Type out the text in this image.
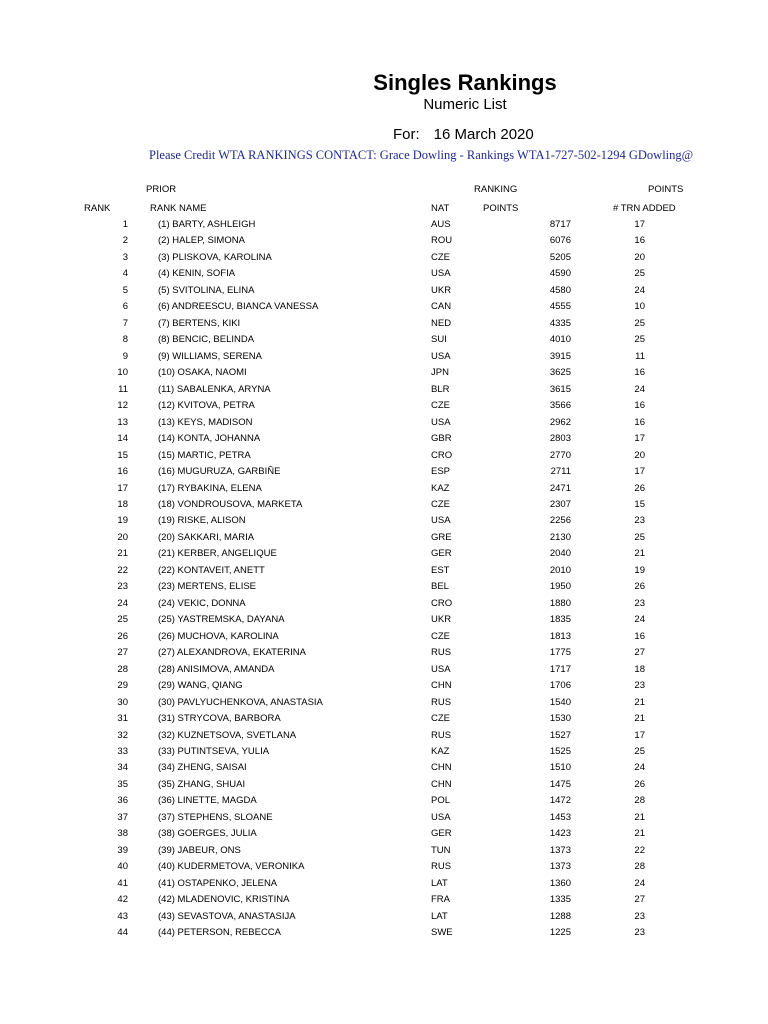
Singles Rankings
Numeric List
For: 16 March 2020
Please Credit WTA RANKINGS CONTACT: Grace Dowling - Rankings WTA1-727-502-1294 GDowling@
PRIOR	RANKING	POINTS
RANK	RANK NAME	NAT	POINTS	# TRN ADDED
1	(1) BARTY, ASHLEIGH	AUS	8717	17
2	(2) HALEP, SIMONA	ROU	6076	16
3	(3) PLISKOVA, KAROLINA	CZE	5205	20
4	(4) KENIN, SOFIA	USA	4590	25
5	(5) SVITOLINA, ELINA	UKR	4580	24
6	(6) ANDREESCU, BIANCA VANESSA	CAN	4555	10
7	(7) BERTENS, KIKI	NED	4335	25
8	(8) BENCIC, BELINDA	SUI	4010	25
9	(9) WILLIAMS, SERENA	USA	3915	11
10	(10) OSAKA, NAOMI	JPN	3625	16
11	(11) SABALENKA, ARYNA	BLR	3615	24
12	(12) KVITOVA, PETRA	CZE	3566	16
13	(13) KEYS, MADISON	USA	2962	16
14	(14) KONTA, JOHANNA	GBR	2803	17
15	(15) MARTIC, PETRA	CRO	2770	20
16	(16) MUGURUZA, GARBIÑE	ESP	2711	17
17	(17) RYBAKINA, ELENA	KAZ	2471	26
18	(18) VONDROUSOVA, MARKETA	CZE	2307	15
19	(19) RISKE, ALISON	USA	2256	23
20	(20) SAKKARI, MARIA	GRE	2130	25
21	(21) KERBER, ANGELIQUE	GER	2040	21
22	(22) KONTAVEIT, ANETT	EST	2010	19
23	(23) MERTENS, ELISE	BEL	1950	26
24	(24) VEKIC, DONNA	CRO	1880	23
25	(25) YASTREMSKA, DAYANA	UKR	1835	24
26	(26) MUCHOVA, KAROLINA	CZE	1813	16
27	(27) ALEXANDROVA, EKATERINA	RUS	1775	27
28	(28) ANISIMOVA, AMANDA	USA	1717	18
29	(29) WANG, QIANG	CHN	1706	23
30	(30) PAVLYUCHENKOVA, ANASTASIA	RUS	1540	21
31	(31) STRYCOVA, BARBORA	CZE	1530	21
32	(32) KUZNETSOVA, SVETLANA	RUS	1527	17
33	(33) PUTINTSEVA, YULIA	KAZ	1525	25
34	(34) ZHENG, SAISAI	CHN	1510	24
35	(35) ZHANG, SHUAI	CHN	1475	26
36	(36) LINETTE, MAGDA	POL	1472	28
37	(37) STEPHENS, SLOANE	USA	1453	21
38	(38) GOERGES, JULIA	GER	1423	21
39	(39) JABEUR, ONS	TUN	1373	22
40	(40) KUDERMETOVA, VERONIKA	RUS	1373	28
41	(41) OSTAPENKO, JELENA	LAT	1360	24
42	(42) MLADENOVIC, KRISTINA	FRA	1335	27
43	(43) SEVASTOVA, ANASTASIJA	LAT	1288	23
44	(44) PETERSON, REBECCA	SWE	1225	23
